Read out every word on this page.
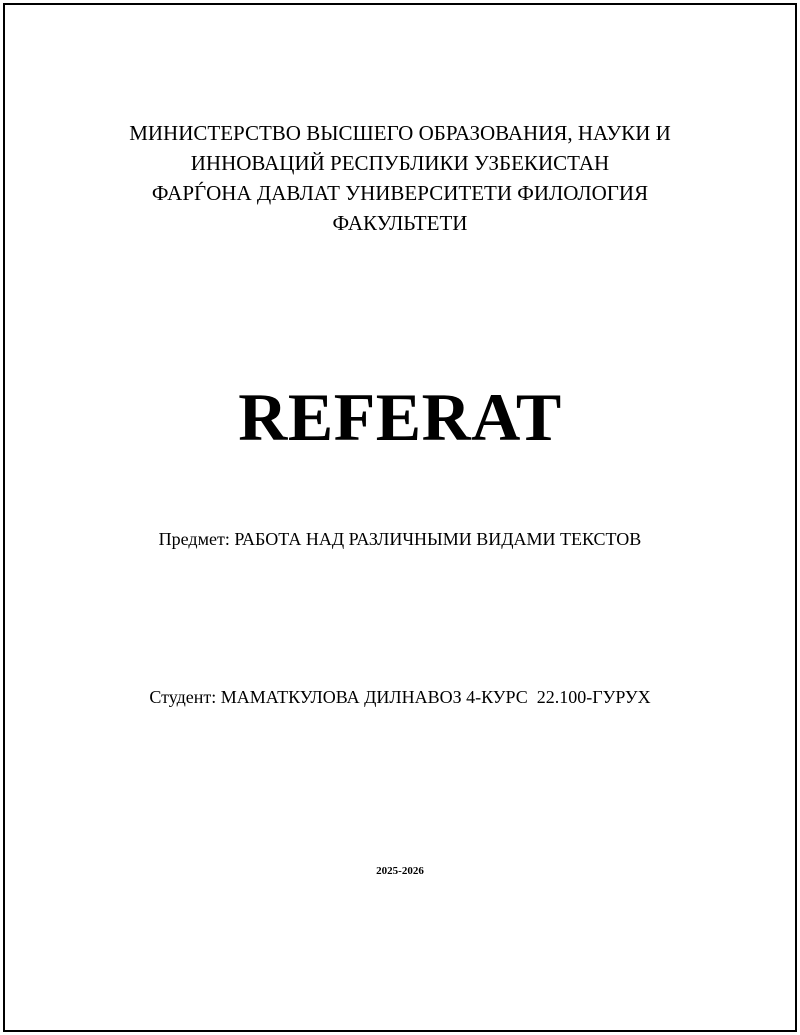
МИНИСТЕРСТВО ВЫСШЕГО ОБРАЗОВАНИЯ, НАУКИ И
ИННОВАЦИЙ РЕСПУБЛИКИ УЗБЕКИСТАН
ФАРЃОНА ДАВЛАТ УНИВЕРСИТЕТИ ФИЛОЛОГИЯ
ФАКУЛЬТЕТИ
REFERAT
Предмет: РАБОТА НАД РАЗЛИЧНЫМИ ВИДАМИ ТЕКСТОВ
Студент: МАМАТКУЛОВА ДИЛНАВОЗ 4-КУРС  22.100-ГУРУХ
2025-2026
